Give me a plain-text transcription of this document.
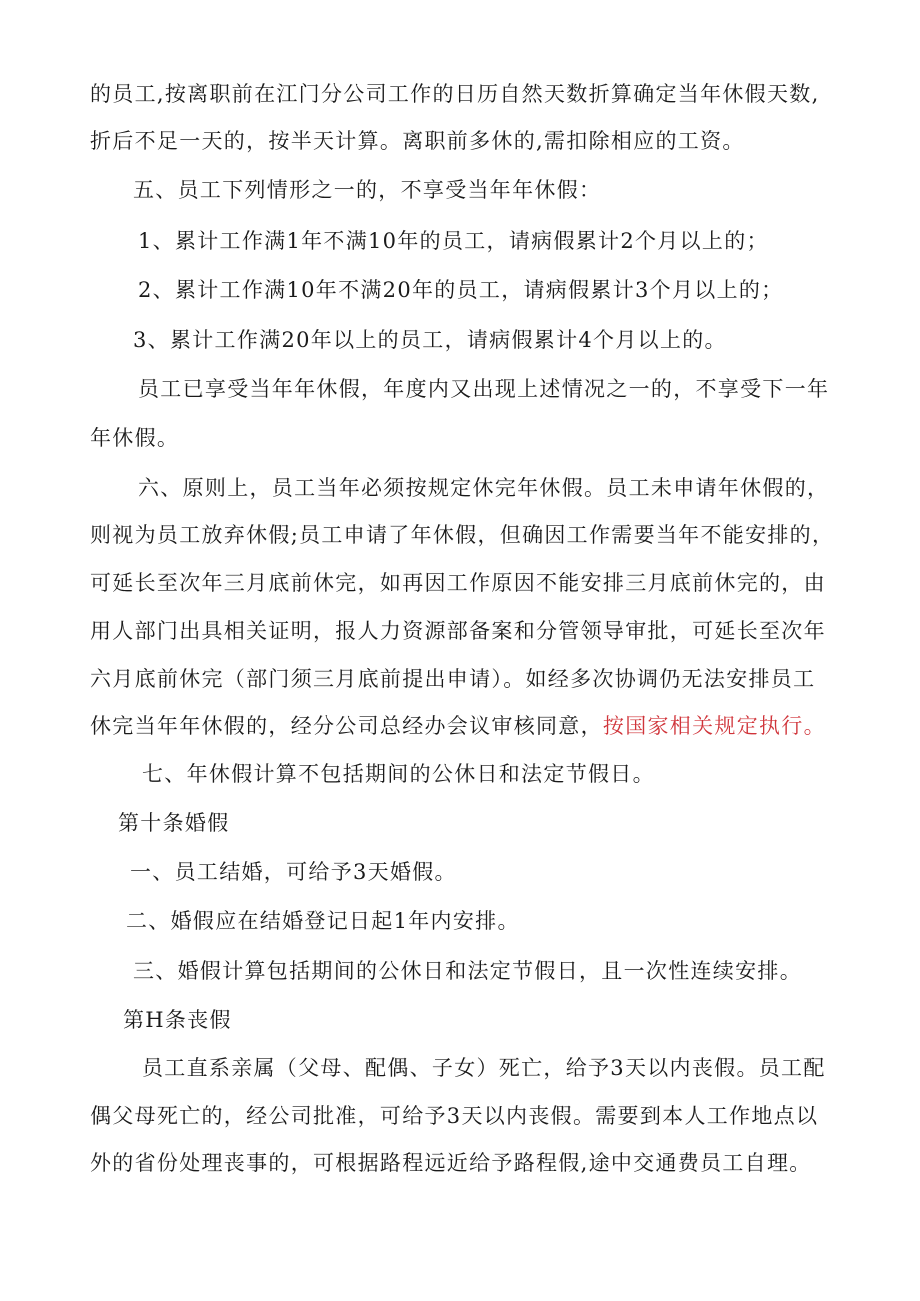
的员工,按离职前在江门分公司工作的日历自然天数折算确定当年休假天数,
折后不足一天的，按半天计算。离职前多休的,需扣除相应的工资。
五、员工下列情形之一的，不享受当年年休假：
1、累计工作满1年不满10年的员工，请病假累计2个月以上的；
2、累计工作满10年不满20年的员工，请病假累计3个月以上的；
3、累计工作满20年以上的员工，请病假累计4个月以上的。
员工已享受当年年休假，年度内又出现上述情况之一的，不享受下一年
年休假。
六、原则上，员工当年必须按规定休完年休假。员工未申请年休假的，
则视为员工放弃休假;员工申请了年休假，但确因工作需要当年不能安排的，
可延长至次年三月底前休完，如再因工作原因不能安排三月底前休完的，由
用人部门出具相关证明，报人力资源部备案和分管领导审批，可延长至次年
六月底前休完（部门须三月底前提出申请）。如经多次协调仍无法安排员工
休完当年年休假的，经分公司总经办会议审核同意，按国家相关规定执行。
七、年休假计算不包括期间的公休日和法定节假日。
第十条婚假
一、员工结婚，可给予3天婚假。
二、婚假应在结婚登记日起1年内安排。
三、婚假计算包括期间的公休日和法定节假日，且一次性连续安排。
第H条丧假
员工直系亲属（父母、配偶、子女）死亡，给予3天以内丧假。员工配
偶父母死亡的，经公司批准，可给予3天以内丧假。需要到本人工作地点以
外的省份处理丧事的，可根据路程远近给予路程假,途中交通费员工自理。
